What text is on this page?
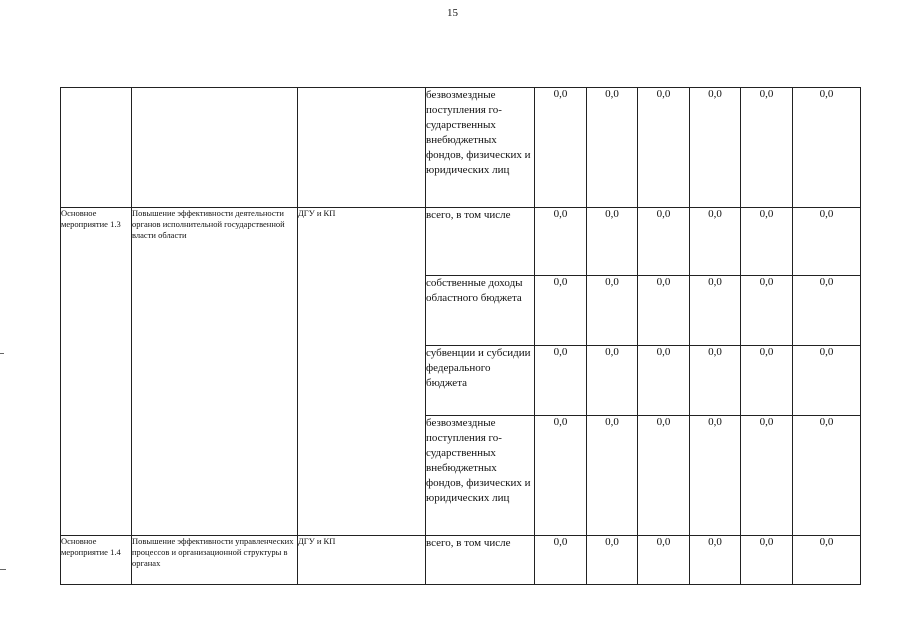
15
			безвозмездные поступления государственных внебюджетных фондов, физических и юридических лиц	0,0	0,0	0,0	0,0	0,0	0,0
Основное мероприятие 1.3	Повышение эффективности деятельности органов исполнительной государственной власти области	ДГУ и КП	всего, в том числе	0,0	0,0	0,0	0,0	0,0	0,0
			собственные доходы областного бюджета	0,0	0,0	0,0	0,0	0,0	0,0
			субвенции и субсидии федерального бюджета	0,0	0,0	0,0	0,0	0,0	0,0
			безвозмездные поступления государственных внебюджетных фондов, физических и юридических лиц	0,0	0,0	0,0	0,0	0,0	0,0
Основное мероприятие 1.4	Повышение эффективности управленческих процессов и организационной структуры в органах	ДГУ и КП	всего, в том числе	0,0	0,0	0,0	0,0	0,0	0,0
